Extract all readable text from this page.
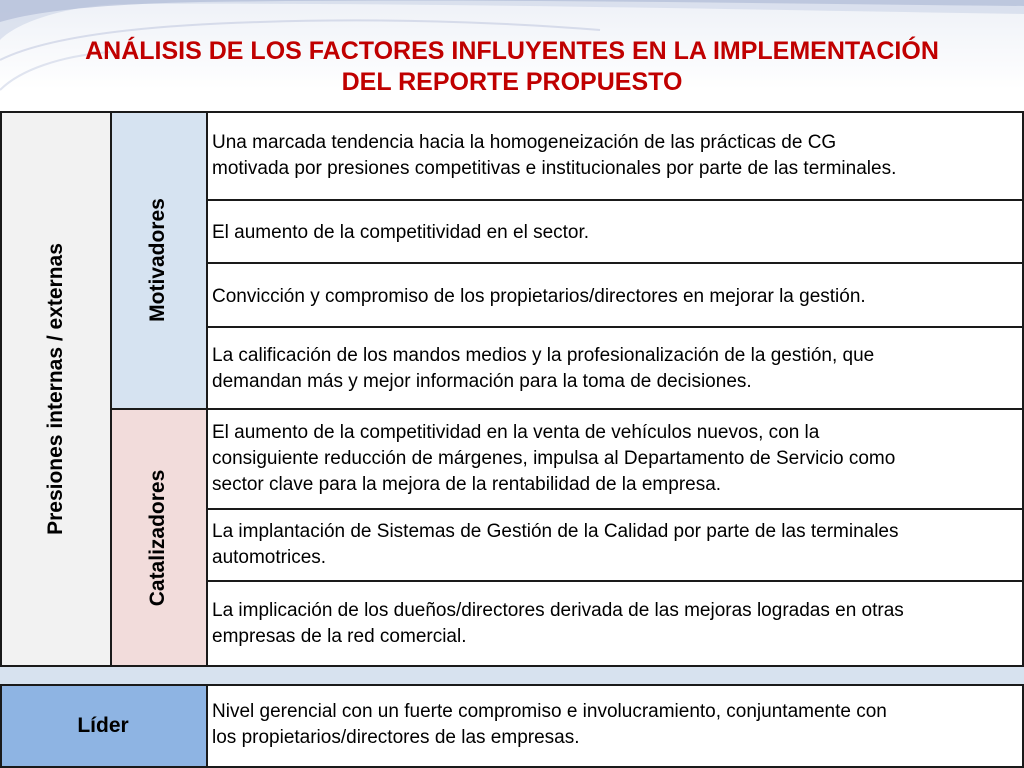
ANÁLISIS DE LOS FACTORES INFLUYENTES EN LA IMPLEMENTACIÓN
DEL REPORTE PROPUESTO
Presiones internas / externas	Motivadores
Catalizadores
Una marcada tendencia hacia la homogeneización de las prácticas de CG
motivada por presiones competitivas e institucionales por parte de las terminales.
El aumento de la competitividad en el sector.
Convicción y compromiso de los propietarios/directores en mejorar la gestión.
La calificación de los mandos medios y la profesionalización de la gestión, que
demandan más y mejor información para la toma de decisiones.
El aumento de la competitividad en la venta de vehículos nuevos, con la
consiguiente reducción de márgenes, impulsa al Departamento de Servicio como
sector clave para la mejora de la rentabilidad de la empresa.
La implantación de Sistemas de Gestión de la Calidad por parte de las terminales
automotrices.
La implicación de los dueños/directores derivada de las mejoras logradas en otras
empresas de la red comercial.
Líder
Nivel gerencial con un fuerte compromiso e involucramiento, conjuntamente con
los propietarios/directores de las empresas.
